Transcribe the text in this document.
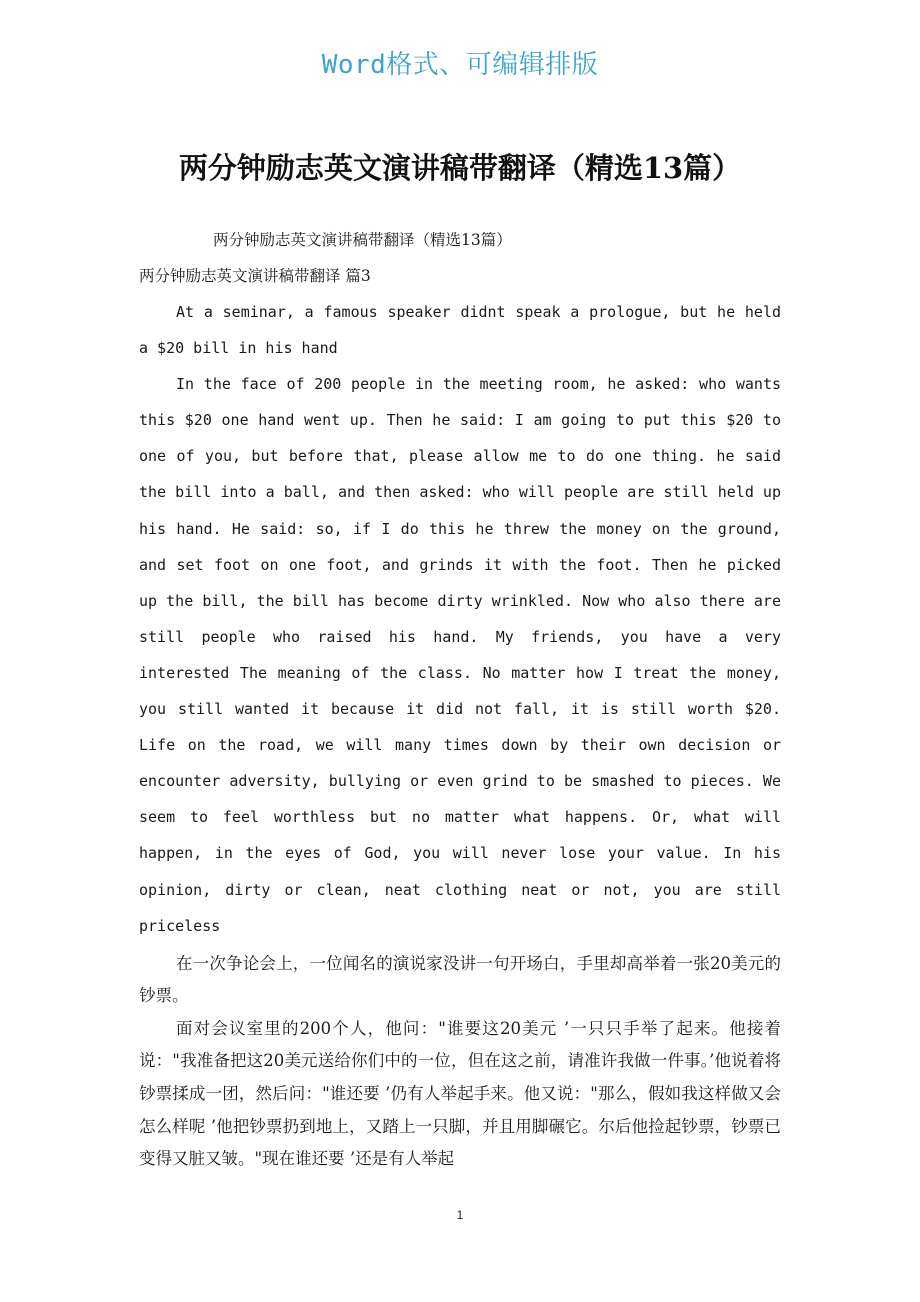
Word格式、可编辑排版
两分钟励志英文演讲稿带翻译（精选13篇）
两分钟励志英文演讲稿带翻译（精选13篇）
两分钟励志英文演讲稿带翻译 篇3

At a seminar, a famous speaker didnt speak a prologue, but he held a $20 bill in his hand

In the face of 200 people in the meeting room, he asked: who wants this $20 one hand went up. Then he said: I am going to put this $20 to one of you, but before that, please allow me to do one thing. he said the bill into a ball, and then asked: who will people are still held up his hand. He said: so, if I do this he threw the money on the ground, and set foot on one foot, and grinds it with the foot. Then he picked up the bill, the bill has become dirty wrinkled. Now who also there are still people who raised his hand. My friends, you have a very interested The meaning of the class. No matter how I treat the money, you still wanted it because it did not fall, it is still worth $20. Life on the road, we will many times down by their own decision or encounter adversity, bullying or even grind to be smashed to pieces. We seem to feel worthless but no matter what happens. Or, what will happen, in the eyes of God, you will never lose your value. In his opinion, dirty or clean, neat clothing neat or not, you are still priceless

在一次争论会上，一位闻名的演说家没讲一句开场白，手里却高举着一张20美元的钞票。

面对会议室里的200个人，他问："谁要这20美元 ’一只只手举了起来。他接着说："我准备把这20美元送给你们中的一位，但在这之前，请准许我做一件事。’他说着将钞票揉成一团，然后问："谁还要 ’仍有人举起手来。他又说："那么，假如我这样做又会怎么样呢 ’他把钞票扔到地上，又踏上一只脚，并且用脚碾它。尔后他捡起钞票，钞票已变得又脏又皱。"现在谁还要 ’还是有人举起

1
